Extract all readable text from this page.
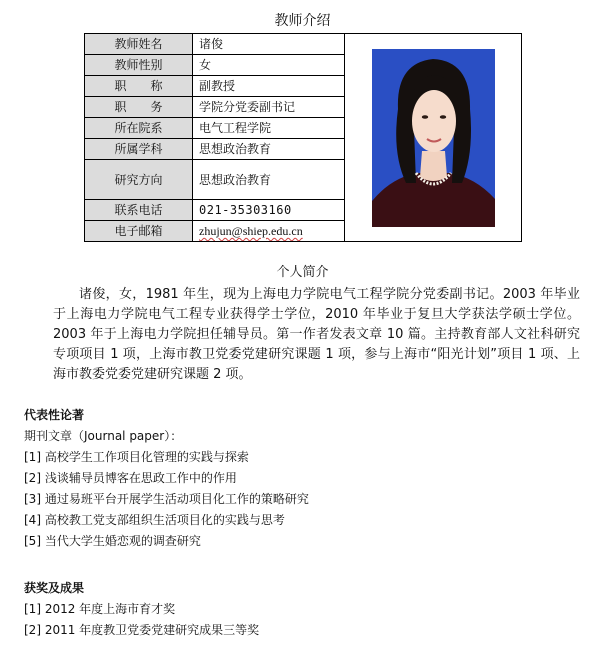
教师介绍
教师姓名	诸俊	

教师性别	女	
职　　称	副教授	
职　　务	学院分党委副书记	
所在院系	电气工程学院	
所属学科	思想政治教育	
研究方向	思想政治教育	
联系电话	021-35303160	
电子邮箱	zhujun@shiep.edu.cn	
个人简介
诸俊，女，1981 年生，现为上海电力学院电气工程学院分党委副书记。2003 年毕业于上海电力学院电气工程专业获得学士学位，2010 年毕业于复旦大学获法学硕士学位。2003 年于上海电力学院担任辅导员。第一作者发表文章 10 篇。主持教育部人文社科研究专项项目 1 项，上海市教卫党委党建研究课题 1 项，参与上海市“阳光计划”项目 1 项、上海市教委党委党建研究课题 2 项。
代表性论著
期刊文章（Journal paper）：
[1] 高校学生工作项目化管理的实践与探索
[2] 浅谈辅导员博客在思政工作中的作用
[3] 通过易班平台开展学生活动项目化工作的策略研究
[4] 高校教工党支部组织生活项目化的实践与思考
[5] 当代大学生婚恋观的调查研究
获奖及成果
[1] 2012 年度上海市育才奖
[2] 2011 年度教卫党委党建研究成果三等奖
